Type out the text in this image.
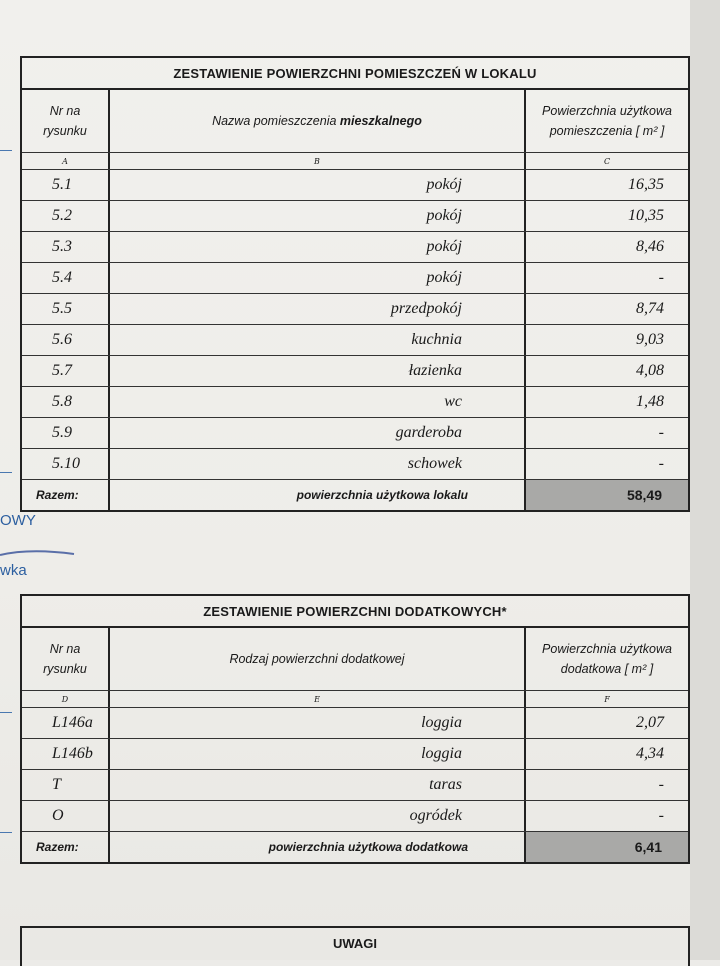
OWY
wka
ZESTAWIENIE POWIERZCHNI POMIESZCZEŃ W LOKALU
Nr na rysunku
Nazwa pomieszczenia
mieszkalnego
Powierzchnia użytkowa pomieszczenia [ m² ]
A	B	C
5.1	pokój	16,35
5.2	pokój	10,35
5.3	pokój	8,46
5.4	pokój	-
5.5	przedpokój	8,74
5.6	kuchnia	9,03
5.7	łazienka	4,08
5.8	wc	1,48
5.9	garderoba	-
5.10	schowek	-
Razem:	powierzchnia użytkowa lokalu	58,49
ZESTAWIENIE POWIERZCHNI DODATKOWYCH*
Nr na rysunku
Rodzaj powierzchni dodatkowej
Powierzchnia użytkowa dodatkowa [ m² ]
D	E	F
L146a	loggia	2,07
L146b	loggia	4,34
T	taras	-
O	ogródek	-
Razem:	powierzchnia użytkowa dodatkowa	6,41
UWAGI
